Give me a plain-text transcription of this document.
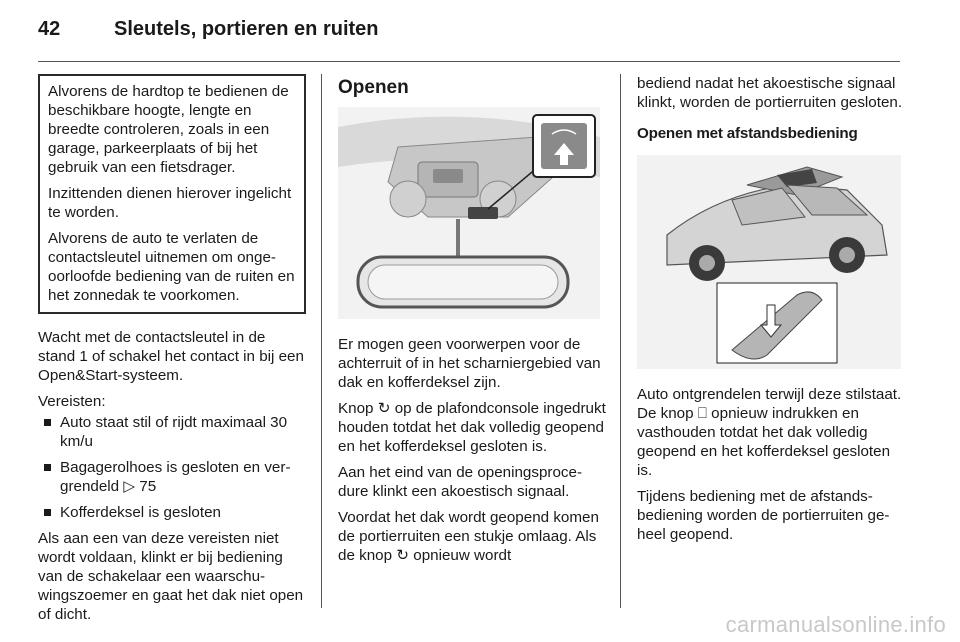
42	Sleutels, portieren en ruiten

Alvorens de hardtop te bedienen de beschikbare hoogte, lengte en breedte controleren, zoals in een garage, parkeerplaats of bij het gebruik van een fietsdrager.

Inzittenden dienen hierover ingelicht te worden.

Alvorens de auto te verlaten de contactsleutel uitnemen om ongeoorloofde bediening van de ruiten en het zonnedak te voorkomen.

Wacht met de contactsleutel in de stand 1 of schakel het contact in bij een Open&Start-systeem.

Vereisten:

Auto staat stil of rijdt maximaal 30 km/u
Bagagerolhoes is gesloten en vergrendeld ▷ 75
Kofferdeksel is gesloten

Als aan een van deze vereisten niet wordt voldaan, klinkt er bij bediening van de schakelaar een waarschuwingszoemer en gaat het dak niet open of dicht.

Openen

Er mogen geen voorwerpen voor de achterruit of in het scharniergebied van dak en kofferdeksel zijn.

Knop ↻ op de plafondconsole ingedrukt houden totdat het dak volledig geopend en het kofferdeksel gesloten is.

Aan het eind van de openingsprocedure klinkt een akoestisch signaal.

Voordat het dak wordt geopend komen de portierruiten een stukje omlaag. Als de knop ↻ opnieuw wordt

bediend nadat het akoestische signaal klinkt, worden de portierruiten gesloten.

Openen met afstandsbediening

Auto ontgrendelen terwijl deze stilstaat. De knop ⎕ opnieuw indrukken en vasthouden totdat het dak volledig geopend en het kofferdeksel gesloten is.

Tijdens bediening met de afstandsbediening worden de portierruiten geheel geopend.

carmanualsonline.info
